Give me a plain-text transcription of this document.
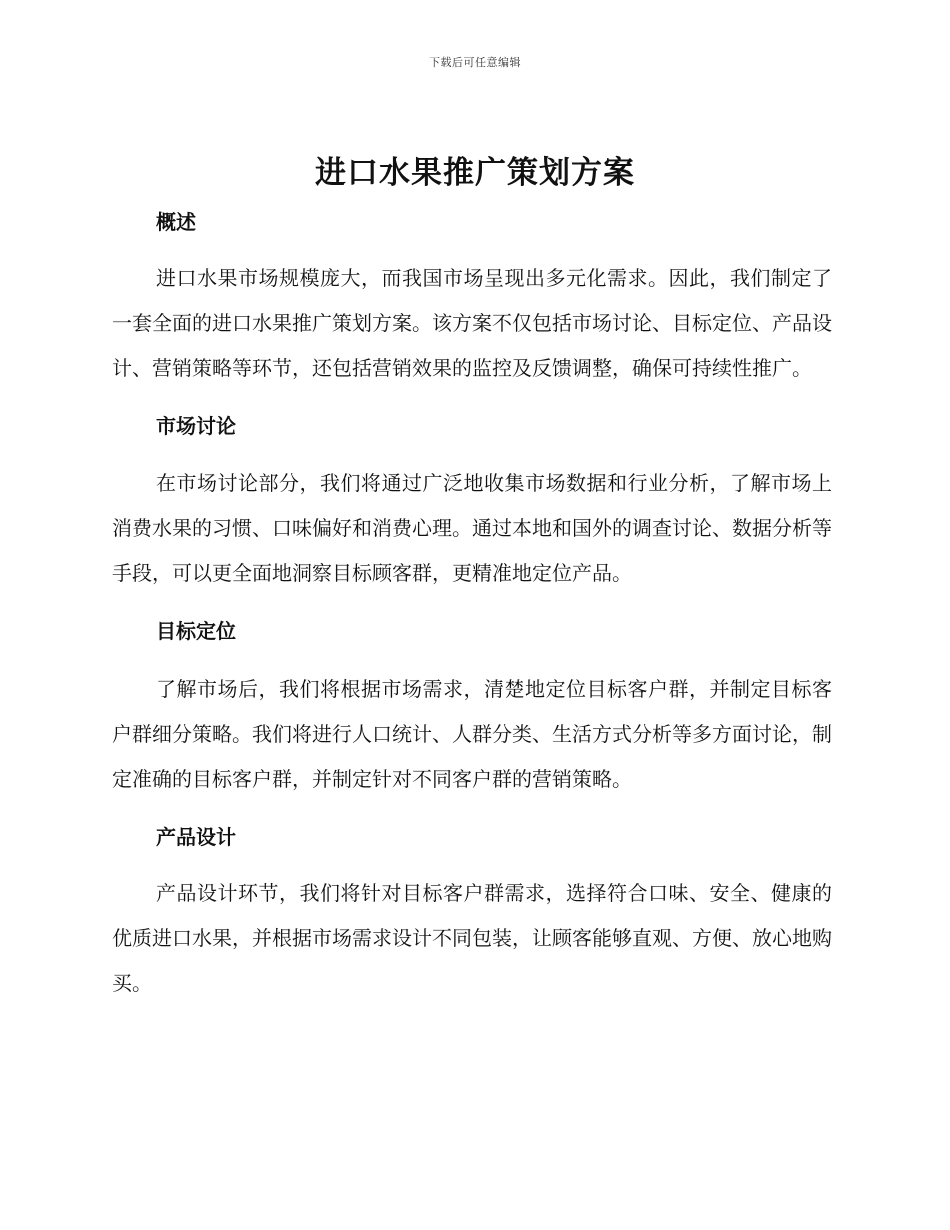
下载后可任意编辑
进口水果推广策划方案
概述

进口水果市场规模庞大，而我国市场呈现出多元化需求。因此，我们制定了一套全面的进口水果推广策划方案。该方案不仅包括市场讨论、目标定位、产品设计、营销策略等环节，还包括营销效果的监控及反馈调整，确保可持续性推广。

市场讨论

在市场讨论部分，我们将通过广泛地收集市场数据和行业分析，了解市场上消费水果的习惯、口味偏好和消费心理。通过本地和国外的调查讨论、数据分析等手段，可以更全面地洞察目标顾客群，更精准地定位产品。

目标定位

了解市场后，我们将根据市场需求，清楚地定位目标客户群，并制定目标客户群细分策略。我们将进行人口统计、人群分类、生活方式分析等多方面讨论，制定准确的目标客户群，并制定针对不同客户群的营销策略。

产品设计

产品设计环节，我们将针对目标客户群需求，选择符合口味、安全、健康的优质进口水果，并根据市场需求设计不同包装，让顾客能够直观、方便、放心地购买。
